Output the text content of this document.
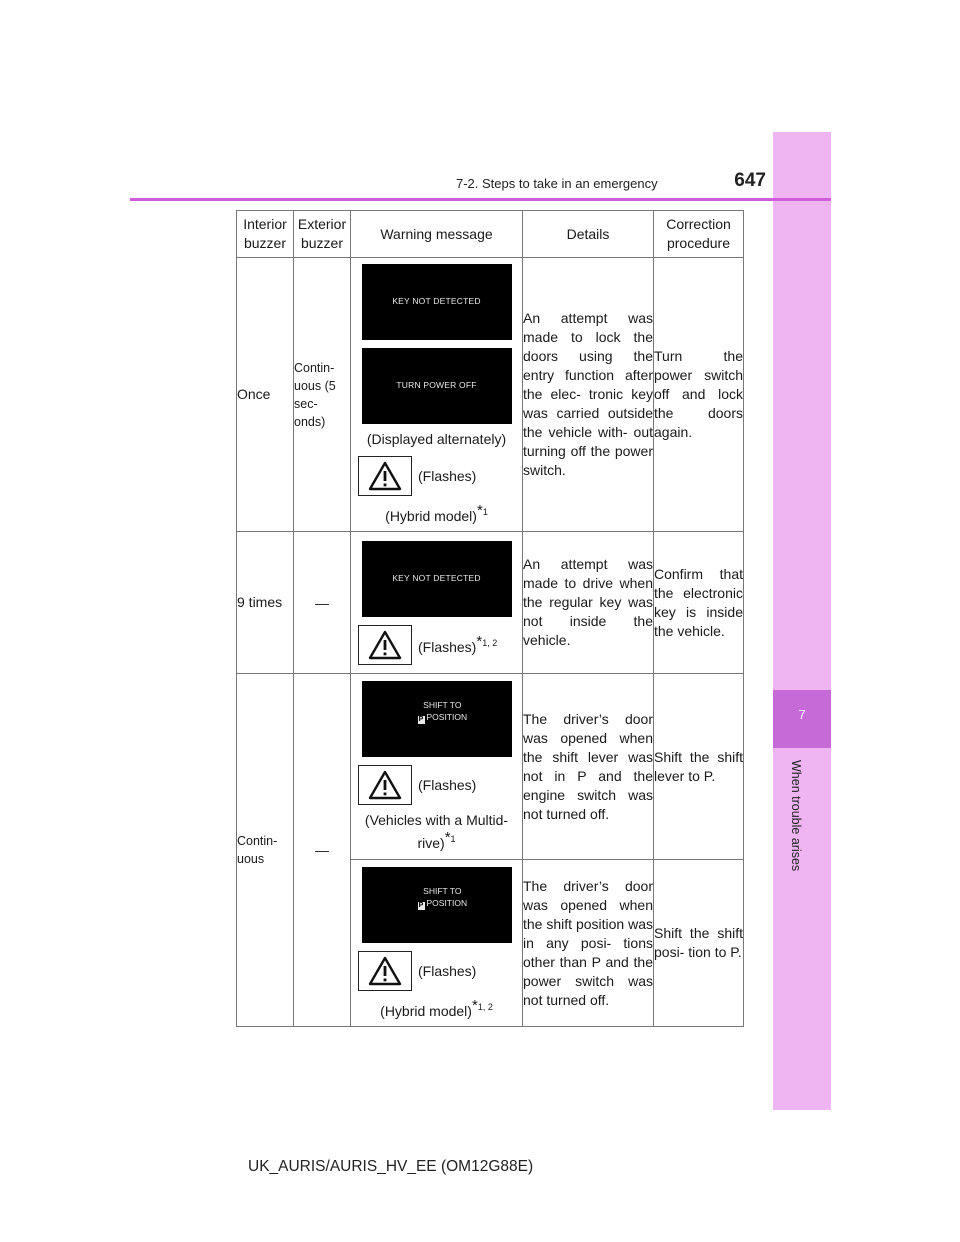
7
When trouble arises
7-2. Steps to take in an emergency	647
Interior buzzer	Exterior buzzer	Warning message	Details	Correction procedure
Once	Contin- uous (5 sec- onds)	KEY NOT DETECTED
TURN POWER OFF
(Displayed alternately)
(Flashes)
(Hybrid model)$^{*1}$	An attempt was made to lock the doors using the entry function after the elec- tronic key was carried outside the vehicle with- out turning off the power switch.	Turn the power switch off and lock the doors again.
9 times	—	KEY NOT DETECTED
(Flashes)$^{*1, 2}$	An attempt was made to drive when the regular key was not inside the vehicle.	Confirm that the electronic key is inside the vehicle.
Contin- uous	—	SHIFT TO
P POSITION
(Flashes)
(Vehicles with a Multid- rive)$^{*1}$	The driver’s door was opened when the shift lever was not in P and the engine switch was not turned off.	Shift the shift lever to P.

		SHIFT TO
P POSITION
(Flashes)
(Hybrid model)$^{*1, 2}$	The driver’s door was opened when the shift position was in any posi- tions other than P and the power switch was not turned off.	Shift the shift posi- tion to P.
UK_AURIS/AURIS_HV_EE (OM12G88E)
